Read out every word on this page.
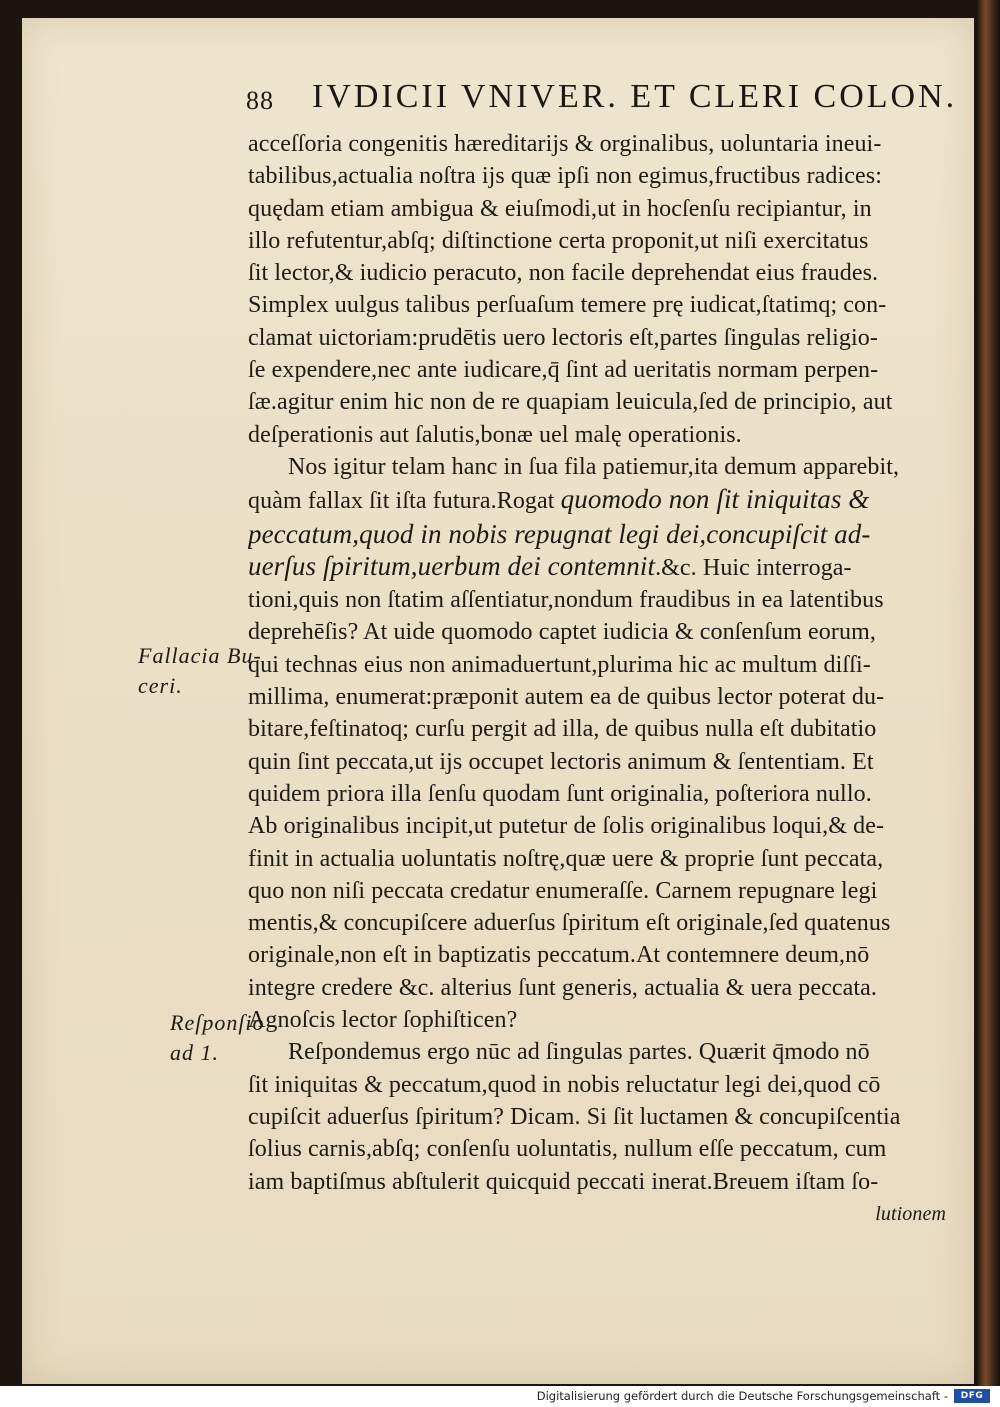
88 IVDICII VNIVER. ET CLERI COLON.
acceſſoria congenitis hæreditarijs & orginalibus, uoluntaria ineui-
tabilibus,actualia noſtra ijs quæ ipſi non egimus,fructibus radices:
quędam etiam ambigua & eiuſmodi,ut in hocſenſu recipiantur, in
illo refutentur,abſq; diſtinctione certa proponit,ut niſi exercitatus
ſit lector,& iudicio peracuto, non facile deprehendat eius fraudes.
Simplex uulgus talibus perſuaſum temere prę iudicat,ſtatimq; con-
clamat uictoriam:prudētis uero lectoris eſt,partes ſingulas religio-
ſe expendere,nec ante iudicare,q̄ ſint ad ueritatis normam perpen-
ſæ.agitur enim hic non de re quapiam leuicula,ſed de principio, aut
deſperationis aut ſalutis,bonæ uel malę operationis.
Nos igitur telam hanc in ſua fila patiemur,ita demum apparebit,
quàm fallax ſit iſta futura.Rogat quomodo non ſit iniquitas &
peccatum,quod in nobis repugnat legi dei,concupiſcit ad-
uerſus ſpiritum,uerbum dei contemnit.&c. Huic interroga-
tioni,quis non ſtatim aſſentiatur,nondum fraudibus in ea latentibus
deprehēſis? At uide quomodo captet iudicia & conſenſum eorum,
qui technas eius non animaduertunt,plurima hic ac multum diſſi-
millima, enumerat:præponit autem ea de quibus lector poterat du-
bitare,feſtinatoq; curſu pergit ad illa, de quibus nulla eſt dubitatio
quin ſint peccata,ut ijs occupet lectoris animum & ſententiam. Et
quidem priora illa ſenſu quodam ſunt originalia, poſteriora nullo.
Ab originalibus incipit,ut putetur de ſolis originalibus loqui,& de-
finit in actualia uoluntatis noſtrę,quæ uere & proprie ſunt peccata,
quo non niſi peccata credatur enumeraſſe. Carnem repugnare legi
mentis,& concupiſcere aduerſus ſpiritum eſt originale,ſed quatenus
originale,non eſt in baptizatis peccatum.At contemnere deum,nō
integre credere &c. alterius ſunt generis, actualia & uera peccata.
Agnoſcis lector ſophiſticen?
Reſpondemus ergo nūc ad ſingulas partes. Quærit q̄modo nō
ſit iniquitas & peccatum,quod in nobis reluctatur legi dei,quod cō
cupiſcit aduerſus ſpiritum? Dicam. Si ſit luctamen & concupiſcentia
ſolius carnis,abſq; conſenſu uoluntatis, nullum eſſe peccatum, cum
iam baptiſmus abſtulerit quicquid peccati inerat.Breuem iſtam ſo-
lutionem
Fallacia Bu-
ceri.
Reſponſio
ad 1.
Digitalisierung gefördert durch die Deutsche Forschungsgemeinschaft -	DFG
